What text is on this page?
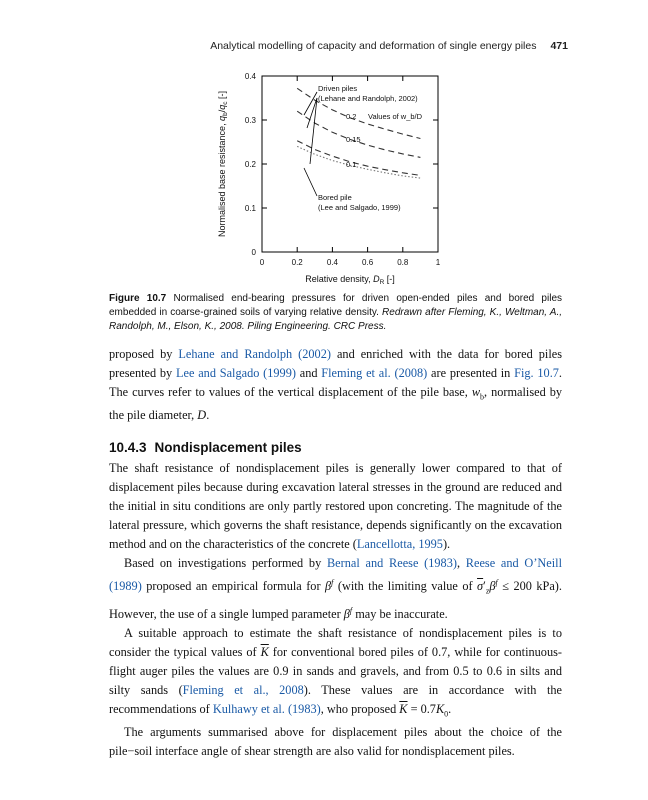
Analytical modelling of capacity and deformation of single energy piles 471
0
0.1
0.2
0.3
0.4
0	0.2	0.4	0.6	0.8	1
Driven piles
(Lehane and Randolph, 2002)
0.2 Values of w_b/D
0.15
0.1
Bored pile
(Lee and Salgado, 1999)
Relative density, $D_R$ [-]
Normalised base resistance, $q_b/q_c$ [-]
Figure 10.7 Normalised end-bearing pressures for driven open-ended piles and bored piles embedded in coarse-grained soils of varying relative density. Redrawn after Fleming, K., Weltman, A., Randolph, M., Elson, K., 2008. Piling Engineering. CRC Press.

proposed by Lehane and Randolph (2002) and enriched with the data for bored piles presented by Lee and Salgado (1999) and Fleming et al. (2008) are presented in Fig. 10.7. The curves refer to values of the vertical displacement of the pile base, $w_b$, normalised by the pile diameter, D.

10.4.3 Nondisplacement piles

The shaft resistance of nondisplacement piles is generally lower compared to that of displacement piles because during excavation lateral stresses in the ground are reduced and the initial in situ conditions are only partly restored upon concreting. The magnitude of the lateral pressure, which governs the shaft resistance, depends significantly on the excavation method and on the characteristics of the concrete (Lancellotta, 1995).

Based on investigations performed by Bernal and Reese (1983), Reese and O’Neill (1989) proposed an empirical formula for $\beta^f$ (with the limiting value of $\overline{\sigma}'_z\beta^f \le 200$ kPa). However, the use of a single lumped parameter $\beta^f$ may be inaccurate.

A suitable approach to estimate the shaft resistance of nondisplacement piles is to consider the typical values of $\overline{K}$ for conventional bored piles of 0.7, while for continuous-flight auger piles the values are 0.9 in sands and gravels, and from 0.5 to 0.6 in silts and silty sands (Fleming et al., 2008). These values are in accordance with the recommendations of Kulhawy et al. (1983), who proposed $\overline{K} = 0.7K_0$.

The arguments summarised above for displacement piles about the choice of the pile−soil interface angle of shear strength are also valid for nondisplacement piles.
